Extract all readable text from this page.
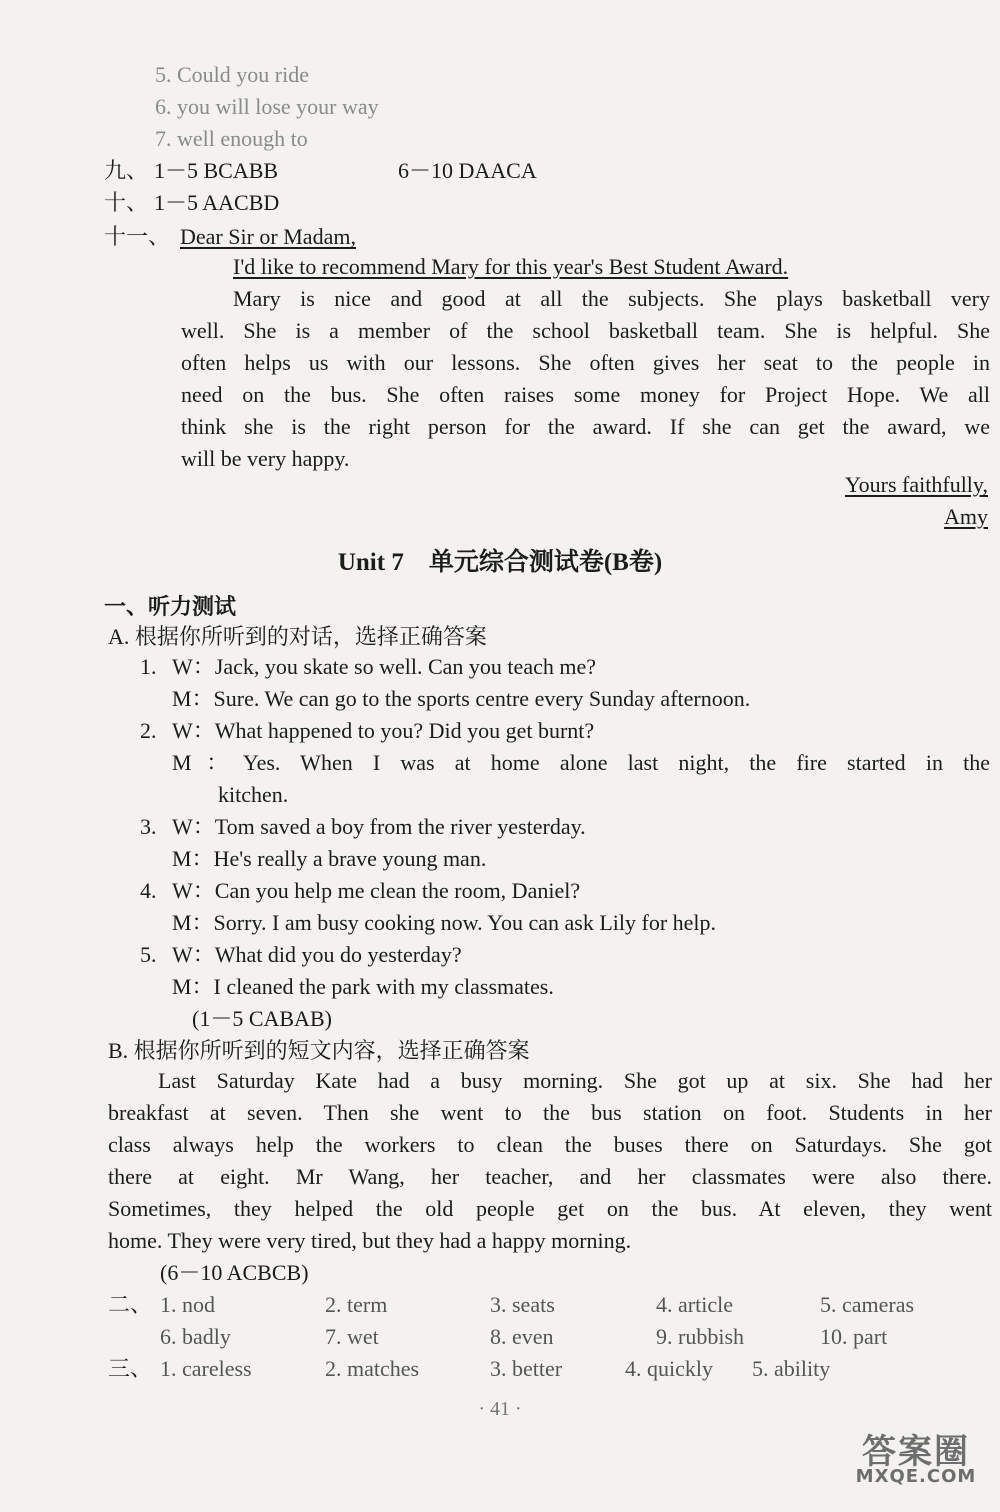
5. Could you ride
6. you will lose your way
7. well enough to
九、 1－5 BCABB	6－10 DAACA
十、 1－5 AACBD
十一、 Dear Sir or Madam,
I'd like to recommend Mary for this year's Best Student Award.
Mary is nice and good at all the subjects. She plays basketball very
well. She is a member of the school basketball team. She is helpful. She
often helps us with our lessons. She often gives her seat to the people in
need on the bus. She often raises some money for Project Hope. We all
think she is the right person for the award. If she can get the award, we
will be very happy.
Yours faithfully,
Amy
Unit 7　单元综合测试卷(B卷)
一、听力测试
A. 根据你所听到的对话，选择正确答案
1. W：Jack, you skate so well. Can you teach me?
M：Sure. We can go to the sports centre every Sunday afternoon.
2. W：What happened to you? Did you get burnt?
M：Yes. When I was at home alone last night, the fire started in the
kitchen.
3. W：Tom saved a boy from the river yesterday.
M：He's really a brave young man.
4. W：Can you help me clean the room, Daniel?
M：Sorry. I am busy cooking now. You can ask Lily for help.
5. W：What did you do yesterday?
M：I cleaned the park with my classmates.
(1－5 CABAB)
B. 根据你所听到的短文内容，选择正确答案
Last Saturday Kate had a busy morning. She got up at six. She had her
breakfast at seven. Then she went to the bus station on foot. Students in her
class always help the workers to clean the buses there on Saturdays. She got
there at eight. Mr Wang, her teacher, and her classmates were also there.
Sometimes, they helped the old people get on the bus. At eleven, they went
home. They were very tired, but they had a happy morning.
(6－10 ACBCB)
二、 1. nod	2. term	3. seats	4. article	5. cameras
6. badly	7. wet	8. even	9. rubbish	10. part
三、 1. careless	2. matches	3. better	4. quickly 5. ability
· 41 ·
答案圈
MXQE.COM
